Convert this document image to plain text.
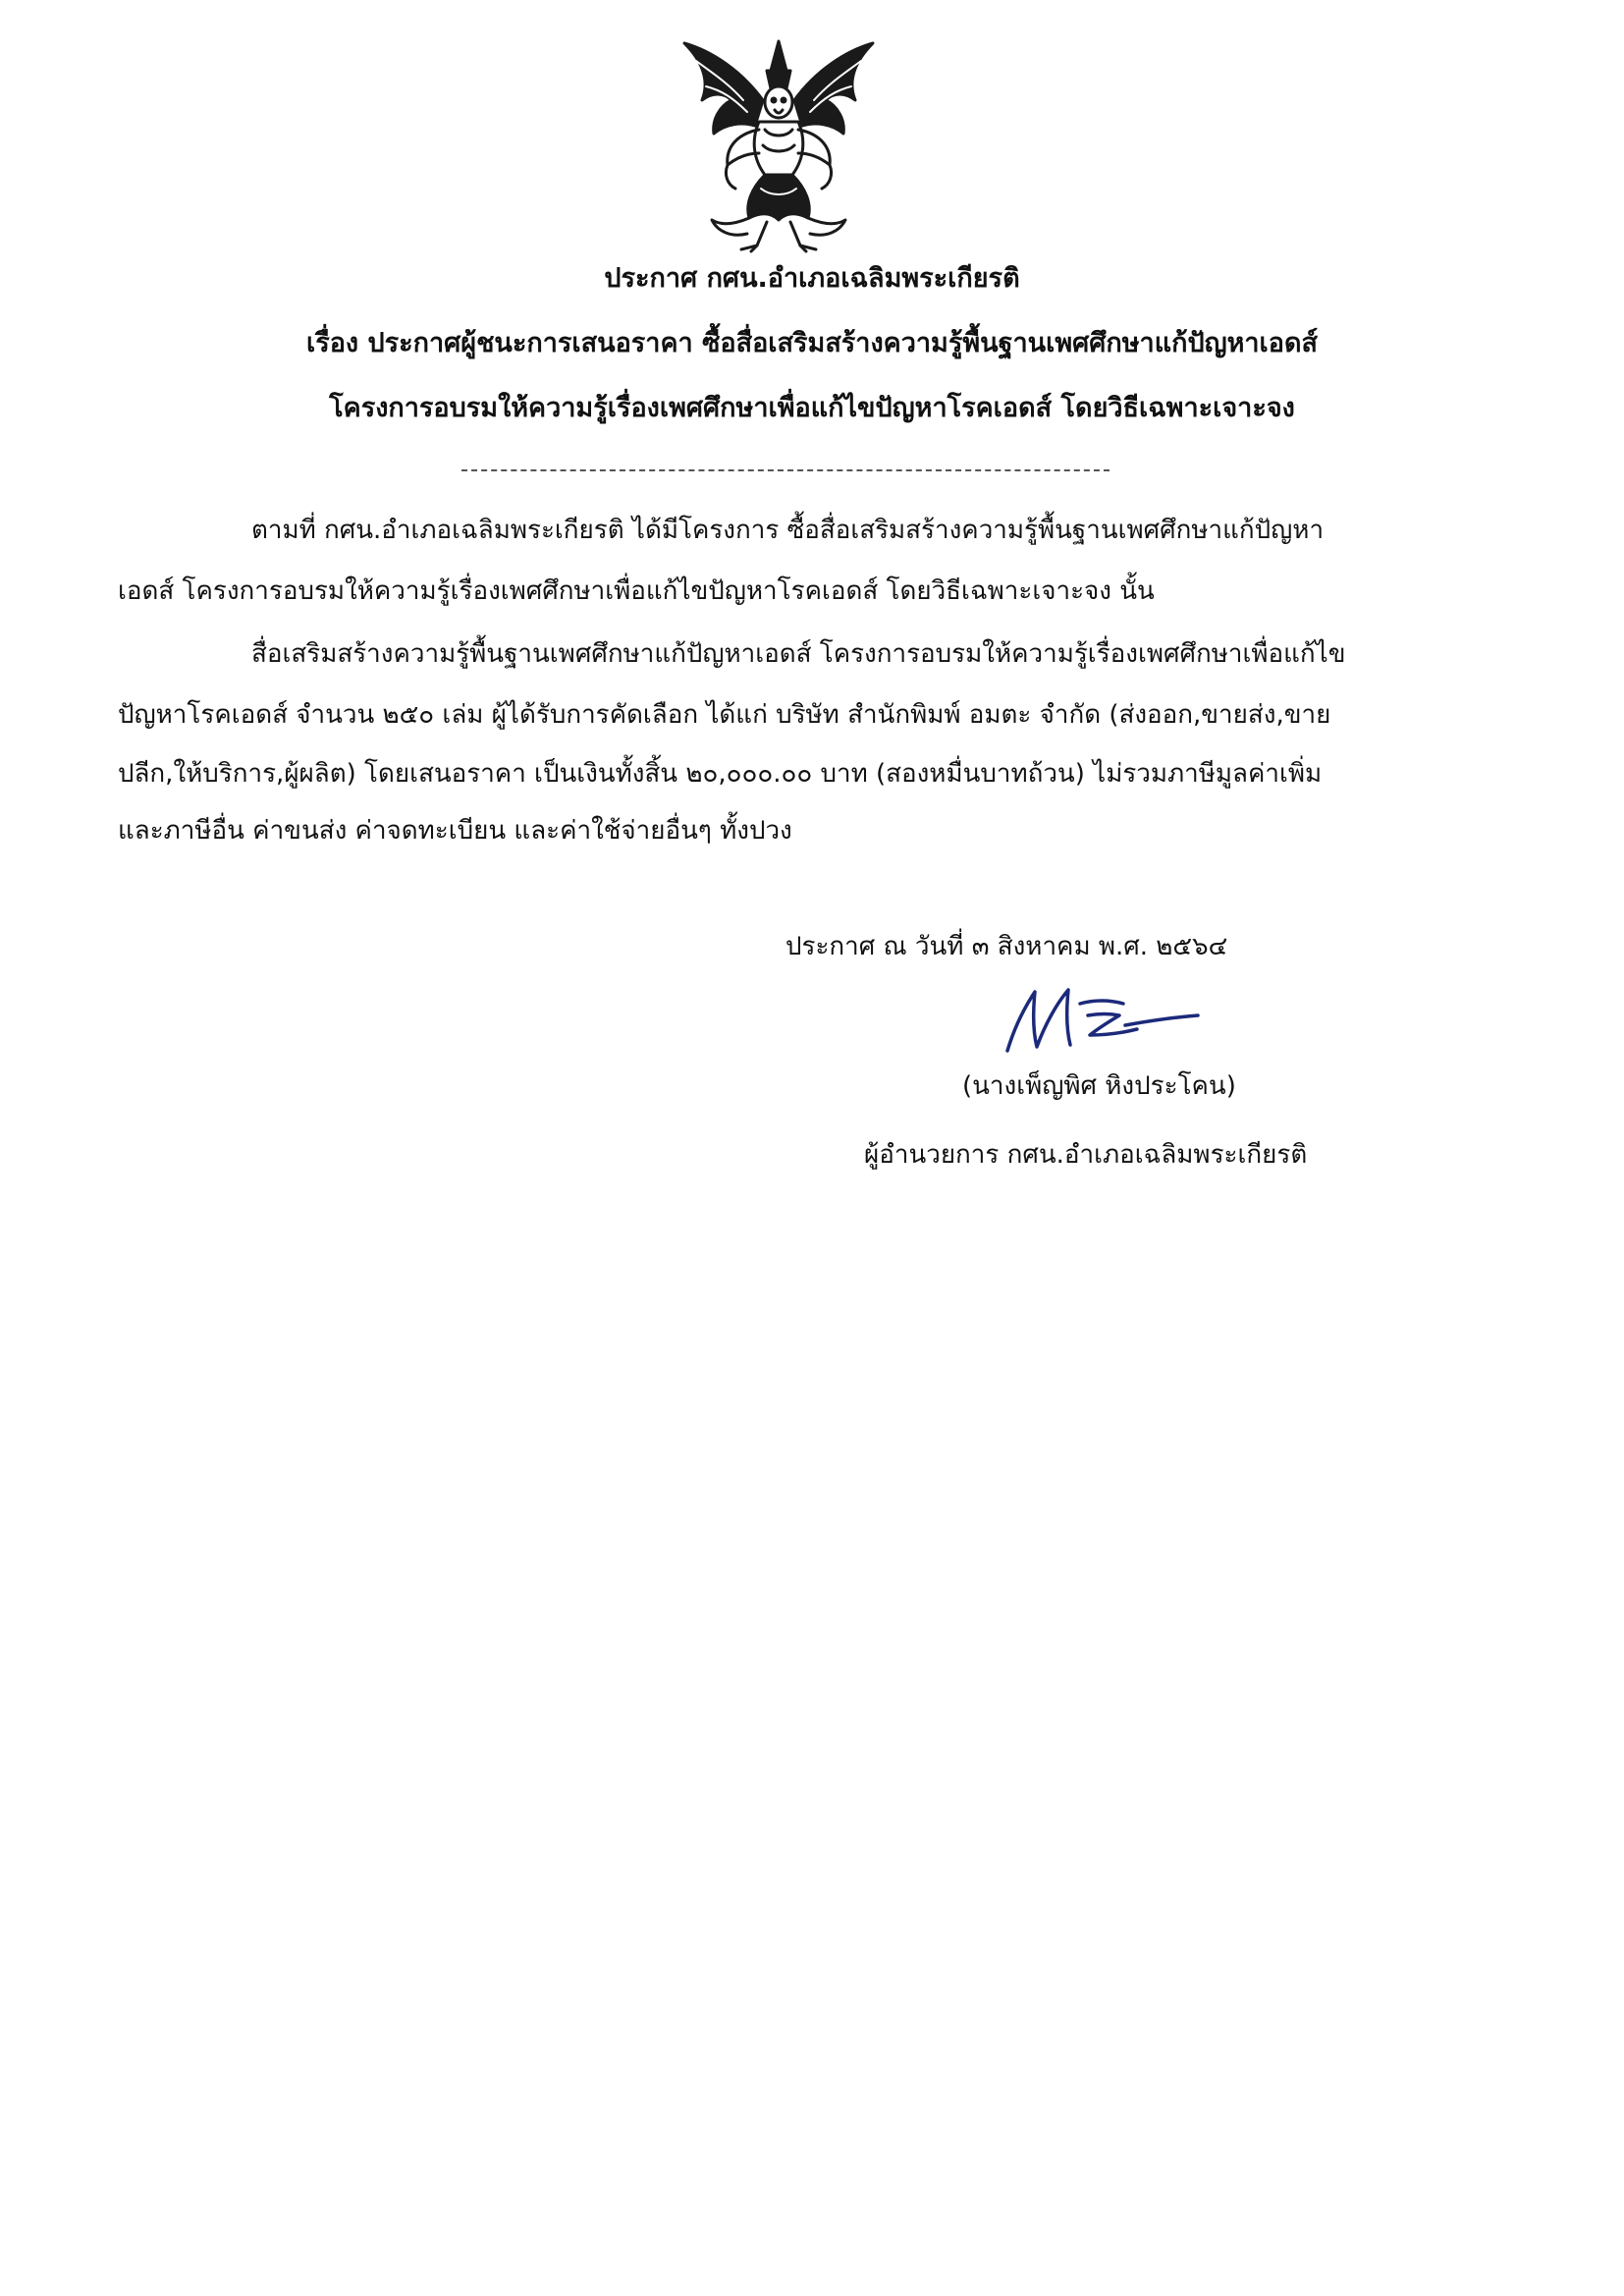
ประกาศ กศน.อำเภอเฉลิมพระเกียรติ
เรื่อง ประกาศผู้ชนะการเสนอราคา ซื้อสื่อเสริมสร้างความรู้พื้นฐานเพศศึกษาแก้ปัญหาเอดส์
โครงการอบรมให้ความรู้เรื่องเพศศึกษาเพื่อแก้ไขปัญหาโรคเอดส์ โดยวิธีเฉพาะเจาะจง
ตามที่ กศน.อำเภอเฉลิมพระเกียรติ ได้มีโครงการ ซื้อสื่อเสริมสร้างความรู้พื้นฐานเพศศึกษาแก้ปัญหา
เอดส์ โครงการอบรมให้ความรู้เรื่องเพศศึกษาเพื่อแก้ไขปัญหาโรคเอดส์ โดยวิธีเฉพาะเจาะจง นั้น
สื่อเสริมสร้างความรู้พื้นฐานเพศศึกษาแก้ปัญหาเอดส์ โครงการอบรมให้ความรู้เรื่องเพศศึกษาเพื่อแก้ไข
ปัญหาโรคเอดส์ จำนวน ๒๕๐ เล่ม ผู้ได้รับการคัดเลือก ได้แก่ บริษัท สำนักพิมพ์ อมตะ จำกัด (ส่งออก,ขายส่ง,ขาย
ปลีก,ให้บริการ,ผู้ผลิต) โดยเสนอราคา เป็นเงินทั้งสิ้น ๒๐,๐๐๐.๐๐ บาท (สองหมื่นบาทถ้วน) ไม่รวมภาษีมูลค่าเพิ่ม
และภาษีอื่น ค่าขนส่ง ค่าจดทะเบียน และค่าใช้จ่ายอื่นๆ ทั้งปวง
ประกาศ ณ วันที่ ๓ สิงหาคม พ.ศ. ๒๕๖๔
(นางเพ็ญพิศ หิงประโคน)
ผู้อำนวยการ กศน.อำเภอเฉลิมพระเกียรติ
